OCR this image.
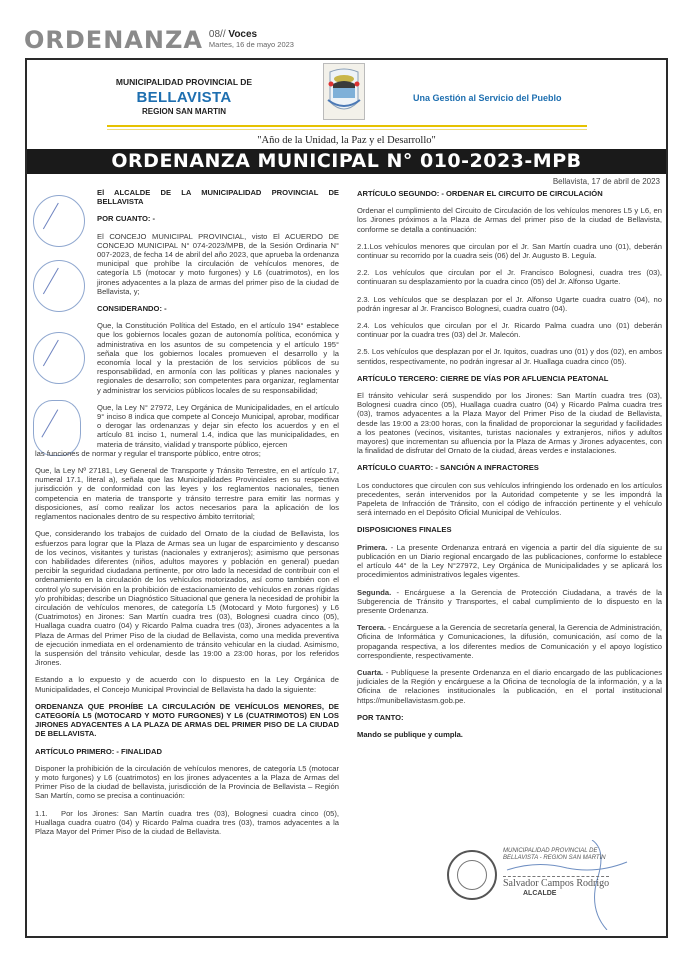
ORDENANZA 08// Voces
Martes, 16 de mayo 2023
MUNICIPALIDAD PROVINCIAL DE
BELLAVISTA
REGION SAN MARTIN
Una Gestión al Servicio del Pueblo
"Año de la Unidad, la Paz y el Desarrollo"
ORDENANZA MUNICIPAL N° 010-2023-MPB
Bellavista, 17 de abril de 2023

El ALCALDE DE LA MUNICIPALIDAD PROVINCIAL DE BELLAVISTA

POR CUANTO: -

El CONCEJO MUNICIPAL PROVINCIAL, visto El ACUERDO DE CONCEJO MUNICIPAL N° 074-2023/MPB, de la Sesión Ordinaria N° 007-2023, de fecha 14 de abril del año 2023, que aprueba la ordenanza municipal que prohíbe la circulación de vehículos menores, de categoría L5 (motocar y moto furgones) y L6 (cuatrimotos), en los jirones adyacentes a la plaza de armas del primer piso de la ciudad de Bellavista, y;

CONSIDERANDO: -

Que, la Constitución Política del Estado, en el artículo 194° establece que los gobiernos locales gozan de autonomía política, económica y administrativa en los asuntos de su competencia y el artículo 195° señala que los gobiernos locales promueven el desarrollo y la economía local y la prestación de los servicios públicos de su responsabilidad, en armonía con las políticas y planes nacionales y regionales de desarrollo; son competentes para organizar, reglamentar y administrar los servicios públicos locales de su responsabilidad;

Que, la Ley N° 27972, Ley Orgánica de Municipalidades, en el artículo 9° inciso 8 indica que compete al Concejo Municipal, aprobar, modificar o derogar las ordenanzas y dejar sin efecto los acuerdos y en el artículo 81 inciso 1, numeral 1.4, indica que las municipalidades, en materia de tránsito, vialidad y transporte público, ejercen

las funciones de normar y regular el transporte público, entre otros;

Que, la Ley Nº 27181, Ley General de Transporte y Tránsito Terrestre, en el artículo 17, numeral 17.1, literal a), señala que las Municipalidades Provinciales en su respectiva jurisdicción y de conformidad con las leyes y los reglamentos nacionales, tienen competencia en materia de transporte y tránsito terrestre para emitir las normas y disposiciones, así como realizar los actos necesarios para la aplicación de los reglamentos nacionales dentro de su respectivo ámbito territorial;

Que, considerando los trabajos de cuidado del Ornato de la ciudad de Bellavista, los esfuerzos para lograr que la Plaza de Armas sea un lugar de esparcimiento y descanso de los vecinos, visitantes y turistas (nacionales y extranjeros); asimismo que personas con habilidades diferentes (niños, adultos mayores y población en general) puedan percibir la seguridad ciudadana pertinente, por otro lado la necesidad de contribuir con el ordenamiento en la circulación de los vehículos motorizados, así como también con el control y/o supervisión en la prohibición de estacionamiento de vehículos en zonas rígidas y/o prohibidas; describe un Diagnóstico Situacional que genera la necesidad de prohibir la circulación de vehículos menores, de categoría L5 (Motocard y Moto furgones) y L6 (Cuatrimotos) en Jirones: San Martín cuadra tres (03), Bolognesi cuadra cinco (05), Huallaga cuadra cuatro (04) y Ricardo Palma cuadra tres (03), Jirones adyacentes a la Plaza de Armas del Primer Piso de la ciudad de Bellavista, como una medida preventiva de ejecución inmediata en el ordenamiento de tránsito vehicular en la ciudad. Asimismo, la suspensión del tránsito vehicular, desde las 19:00 a 23:00 horas, por los referidos Jirones.

Estando a lo expuesto y de acuerdo con lo dispuesto en la Ley Orgánica de Municipalidades, el Concejo Municipal Provincial de Bellavista ha dado la siguiente:

ORDENANZA QUE PROHÍBE LA CIRCULACIÓN DE VEHÍCULOS MENORES, DE CATEGORÍA L5 (MOTOCARD Y MOTO FURGONES) Y L6 (CUATRIMOTOS) EN LOS JIRONES ADYACENTES A LA PLAZA DE ARMAS DEL PRIMER PISO DE LA CIUDAD DE BELLAVISTA.

ARTÍCULO PRIMERO: - FINALIDAD

Disponer la prohibición de la circulación de vehículos menores, de categoría L5 (motocar y moto furgones) y L6 (cuatrimotos) en los jirones adyacentes a la Plaza de Armas del Primer Piso de la ciudad de bellavista, jurisdicción de la Provincia de Bellavista – Región San Martín, como se precisa a continuación:

1.1. Por los Jirones: San Martín cuadra tres (03), Bolognesi cuadra cinco (05), Huallaga cuadra cuatro (04) y Ricardo Palma cuadra tres (03), tramos adyacentes a la Plaza Mayor del Primer Piso de la ciudad de Bellavista.

ARTÍCULO SEGUNDO: - ORDENAR EL CIRCUITO DE CIRCULACIÓN

Ordenar el cumplimiento del Circuito de Circulación de los vehículos menores L5 y L6, en los Jirones próximos a la Plaza de Armas del primer piso de la ciudad de Bellavista, conforme se detalla a continuación:

2.1.Los vehículos menores que circulan por el Jr. San Martín cuadra uno (01), deberán continuar su recorrido por la cuadra seis (06) del Jr. Augusto B. Leguía.

2.2. Los vehículos que circulan por el Jr. Francisco Bolognesi, cuadra tres (03), continuaran su desplazamiento por la cuadra cinco (05) del Jr. Alfonso Ugarte.

2.3. Los vehículos que se desplazan por el Jr. Alfonso Ugarte cuadra cuatro (04), no podrán ingresar al Jr. Francisco Bolognesi, cuadra cuatro (04).

2.4. Los vehículos que circulan por el Jr. Ricardo Palma cuadra uno (01) deberán continuar por la cuadra tres (03) del Jr. Malecón.

2.5. Los vehículos que desplazan por el Jr. Iquitos, cuadras uno (01) y dos (02), en ambos sentidos, respectivamente, no podrán ingresar al Jr. Huallaga cuadra cinco (05).

ARTÍCULO TERCERO: CIERRE DE VÍAS POR AFLUENCIA PEATONAL

El tránsito vehicular será suspendido por los Jirones: San Martín cuadra tres (03), Bolognesi cuadra cinco (05), Huallaga cuadra cuatro (04) y Ricardo Palma cuadra tres (03), tramos adyacentes a la Plaza Mayor del Primer Piso de la ciudad de Bellavista, desde las 19:00 a 23:00 horas, con la finalidad de proporcionar la seguridad y facilidades a los peatones (vecinos, visitantes, turistas nacionales y extranjeros, niños y adultos mayores) que incrementan su afluencia por la Plaza de Armas y Jirones adyacentes, con la finalidad de disfrutar del Ornato de la ciudad, áreas verdes e instalaciones.

ARTÍCULO CUARTO: - SANCIÓN A INFRACTORES

Los conductores que circulen con sus vehículos infringiendo los ordenado en los artículos precedentes, serán intervenidos por la Autoridad competente y se les impondrá la Papeleta de Infracción de Tránsito, con el código de infracción pertinente y el vehículo será internado en el Depósito Oficial Municipal de Vehículos.

DISPOSICIONES FINALES

Primera. - La presente Ordenanza entrará en vigencia a partir del día siguiente de su publicación en un Diario regional encargado de las publicaciones, conforme lo establece el artículo 44° de la Ley N°27972, Ley Orgánica de Municipalidades y se aplicará los procedimientos administrativos legales vigentes.

Segunda. - Encárguese a la Gerencia de Protección Ciudadana, a través de la Subgerencia de Tránsito y Transportes, el cabal cumplimiento de lo dispuesto en la presente Ordenanza.

Tercera. - Encárguese a la Gerencia de secretaría general, la Gerencia de Administración, Oficina de Informática y Comunicaciones, la difusión, comunicación, así como de la propaganda respectiva, a los diferentes medios de Comunicación y el apoyo logístico correspondiente, respectivamente.

Cuarta. - Publíquese la presente Ordenanza en el diario encargado de las publicaciones judiciales de la Región y encárguese a la Oficina de tecnología de la información, y a la Oficina de relaciones institucionales la publicación, en el portal institucional https://munibellavistasm.gob.pe.

POR TANTO:

Mando se publique y cumpla.

MUNICIPALIDAD PROVINCIAL DE BELLAVISTA - REGION SAN MARTIN
Salvador Campos Rodrigo
ALCALDE
